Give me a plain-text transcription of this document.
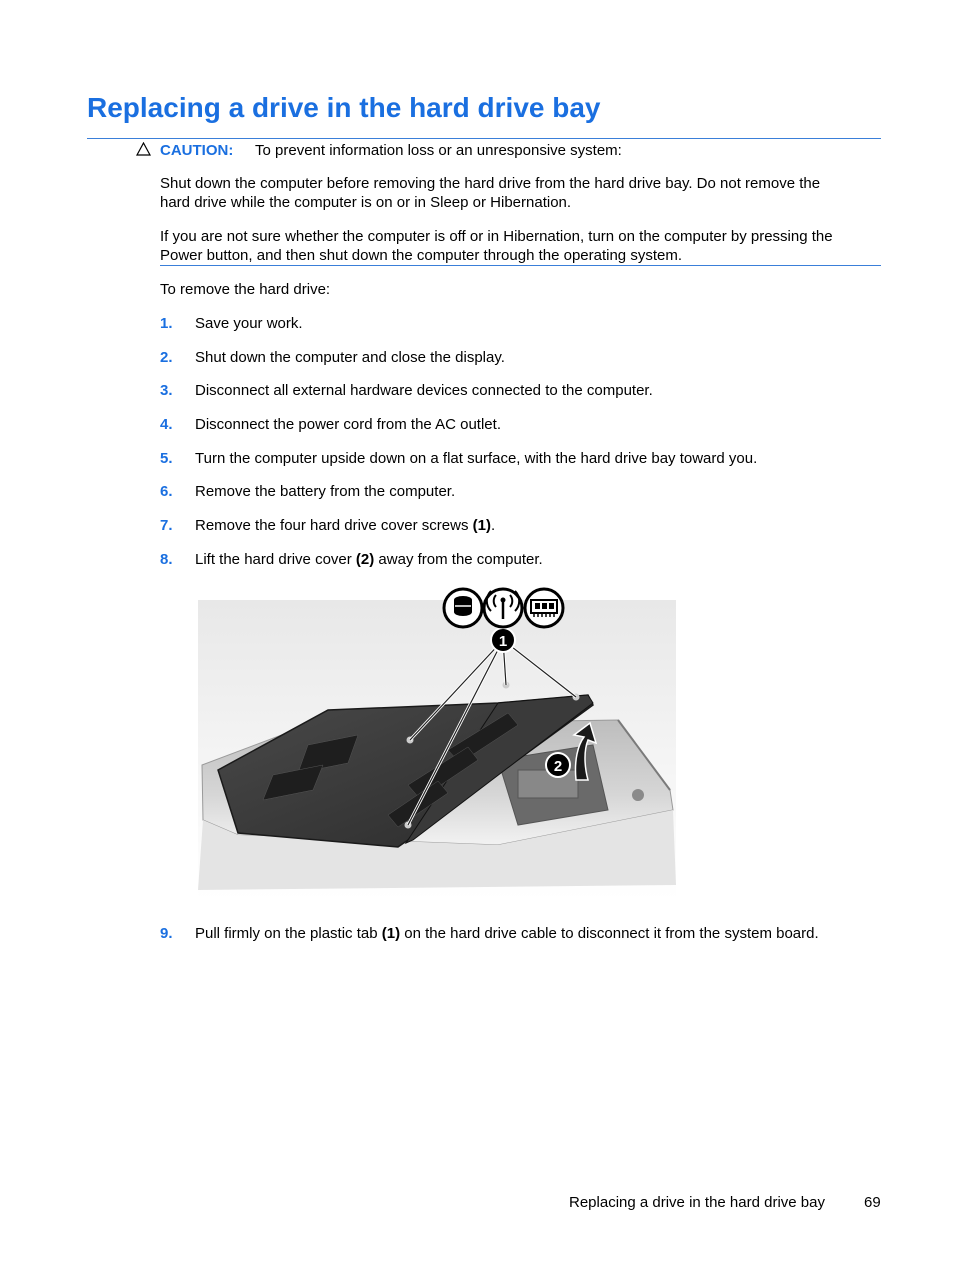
Replacing a drive in the hard drive bay
CAUTION: To prevent information loss or an unresponsive system:
Shut down the computer before removing the hard drive from the hard drive bay. Do not remove the
hard drive while the computer is on or in Sleep or Hibernation.
If you are not sure whether the computer is off or in Hibernation, turn on the computer by pressing the
Power button, and then shut down the computer through the operating system.
To remove the hard drive:
1. Save your work.
2. Shut down the computer and close the display.
3. Disconnect all external hardware devices connected to the computer.
4. Disconnect the power cord from the AC outlet.
5. Turn the computer upside down on a flat surface, with the hard drive bay toward you.
6. Remove the battery from the computer.
7. Remove the four hard drive cover screws (1).
8. Lift the hard drive cover (2) away from the computer.
1
2
9. Pull firmly on the plastic tab (1) on the hard drive cable to disconnect it from the system board.
Replacing a drive in the hard drive bay	69
